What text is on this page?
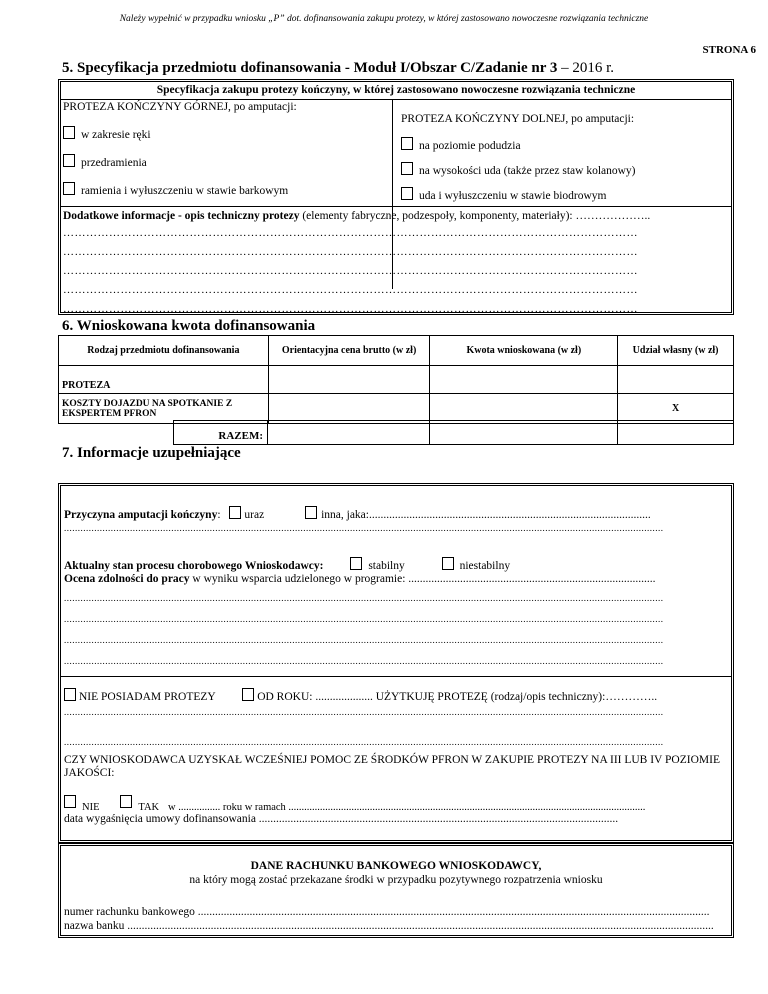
Należy wypełnić w przypadku wniosku „P” dot. dofinansowania zakupu protezy, w której zastosowano nowoczesne rozwiązania techniczne
STRONA 6
5. Specyfikacja przedmiotu dofinansowania - Moduł I/Obszar C/Zadanie nr 3 – 2016 r.
Specyfikacja zakupu protezy kończyny, w której zastosowano nowoczesne rozwiązania techniczne
PROTEZA KOŃCZYNY GÓRNEJ, po amputacji:
w zakresie ręki
przedramienia
ramienia i wyłuszczeniu w stawie barkowym
PROTEZA KOŃCZYNY DOLNEJ, po amputacji:
na poziomie podudzia
na wysokości uda (także przez staw kolanowy)
uda i wyłuszczeniu w stawie biodrowym
Dodatkowe informacje - opis techniczny protezy (elementy fabryczne, podzespoły, komponenty, materiały): ………………..
……………………………………………………………………………………………………………………………………
……………………………………………………………………………………………………………………………………
……………………………………………………………………………………………………………………………………
……………………………………………………………………………………………………………………………………
……………………………………………………………………………………………………………………………………
6. Wnioskowana kwota dofinansowania
Rodzaj przedmiotu dofinansowania	Orientacyjna cena brutto (w zł)	Kwota wnioskowana (w zł)	Udział własny (w zł)
PROTEZA			
KOSZTY DOJAZDU NA SPOTKANIE Z EKSPERTEM PFRON			X
RAZEM:
7. Informacje uzupełniające
Przyczyna amputacji kończyny: uraz	inna, jaka:..................................................................................................
..........................................................................................................................................................................................................................
Aktualny stan procesu chorobowego Wnioskodawcy:	stabilny	niestabilny
Ocena zdolności do pracy w wyniku wsparcia udzielonego w programie: ......................................................................................
..........................................................................................................................................................................................................................
..........................................................................................................................................................................................................................
..........................................................................................................................................................................................................................
..........................................................................................................................................................................................................................
NIE POSIADAM PROTEZY	OD ROKU: .................... UŻYTKUJĘ PROTEZĘ (rodzaj/opis techniczny):…………..
..........................................................................................................................................................................................................................
..........................................................................................................................................................................................................................
CZY WNIOSKODAWCA UZYSKAŁ WCZEŚNIEJ POMOC ZE ŚRODKÓW PFRON W ZAKUPIE PROTEZY NA III LUB IV POZIOMIE JAKOŚCI:
NIE	TAK w ................ roku w ramach ........................................................................................................................................
data wygaśnięcia umowy dofinansowania .............................................................................................................................
DANE RACHUNKU BANKOWEGO WNIOSKODAWCY,
na który mogą zostać przekazane środki w przypadku pozytywnego rozpatrzenia wniosku
numer rachunku bankowego ..................................................................................................................................................................................
nazwa banku ............................................................................................................................................................................................................
